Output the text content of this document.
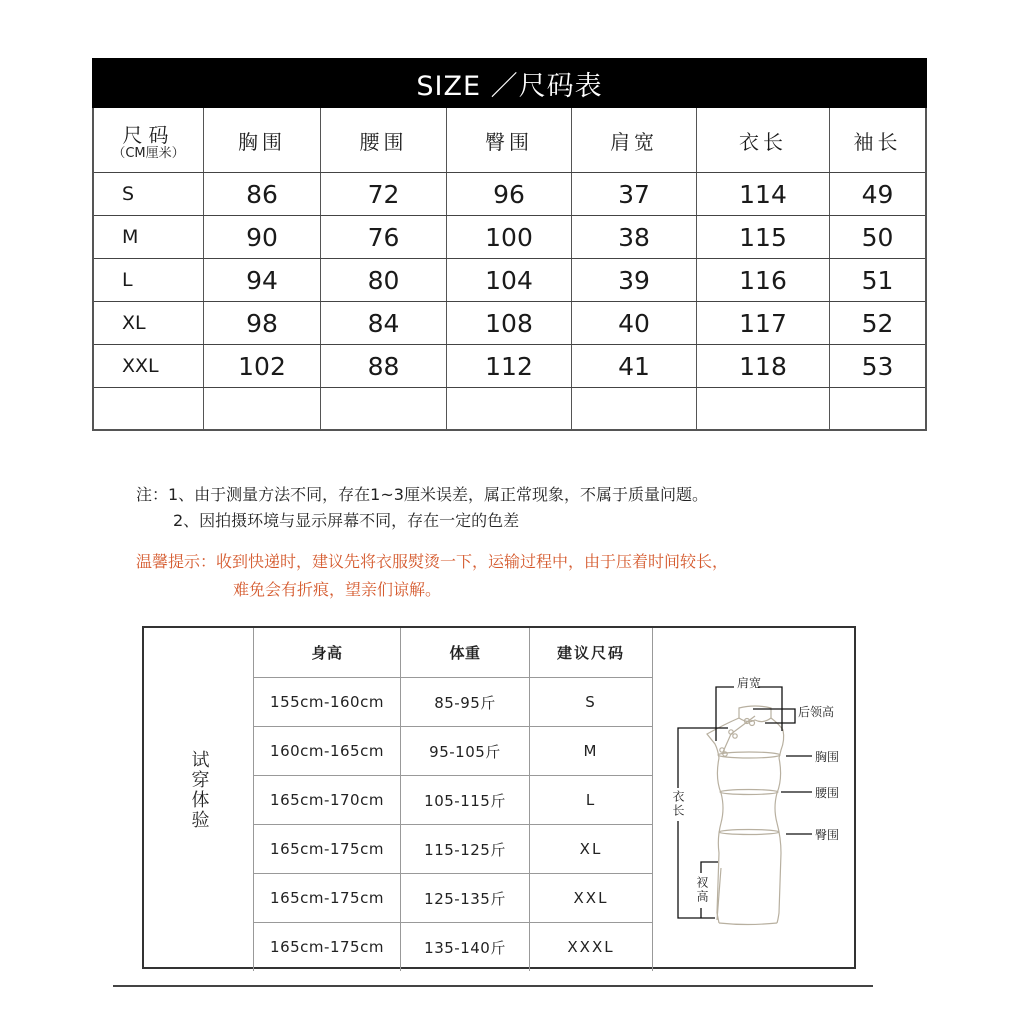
SIZE ／尺码表
尺码
（CM厘米）	胸围	腰围	臀围	肩宽	衣长	袖长
S	86	72	96	37	114	49
M	90	76	100	38	115	50
L	94	80	104	39	116	51
XL	98	84	108	40	117	52
XXL	102	88	112	41	118	53
注：1、由于测量方法不同，存在1~3厘米误差，属正常现象，不属于质量问题。
2、因拍摄环境与显示屏幕不同，存在一定的色差
温馨提示：收到快递时，建议先将衣服熨烫一下，运输过程中，由于压着时间较长，
难免会有折痕，望亲们谅解。
试穿体验
身高	体重	建议尺码
155cm-160cm	85-95斤	S
160cm-165cm	95-105斤	M
165cm-170cm	105-115斤	L
165cm-175cm	115-125斤	XL
165cm-175cm	125-135斤	XXL
165cm-175cm	135-140斤	XXXL
肩宽
后领高
胸围
腰围
臀围
衣长
衩高
